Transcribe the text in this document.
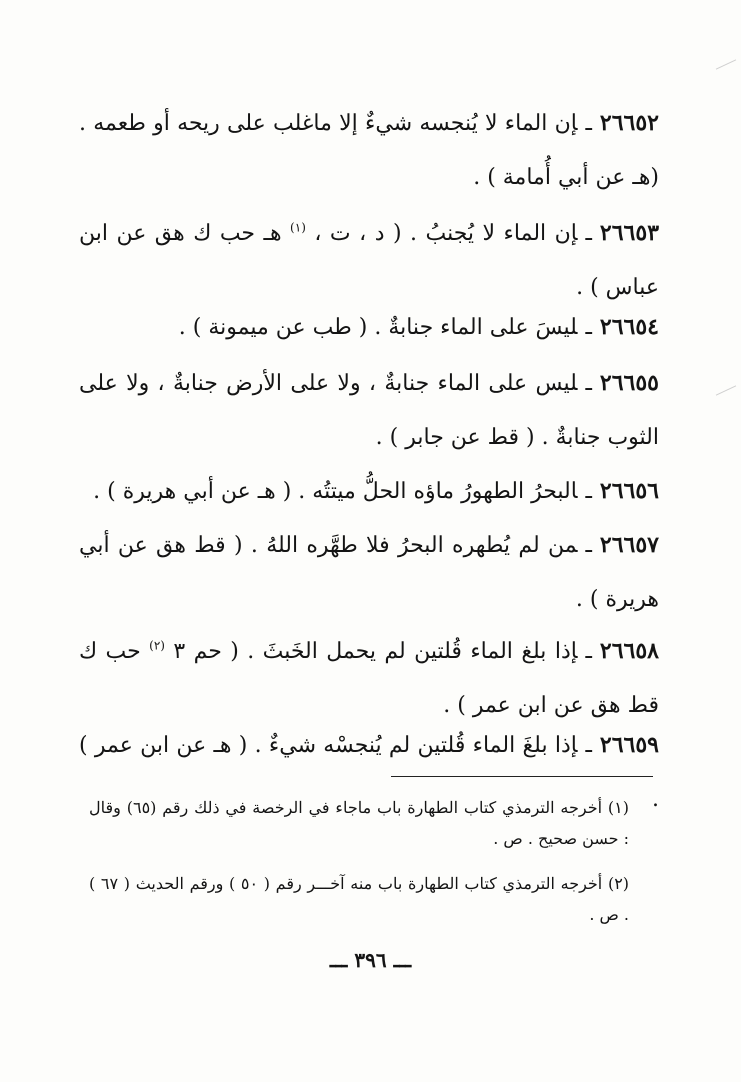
٢٦٦٥٢ـإن الماء لا يُنجسه شيءٌ إلا ماغلب على ريحه أو طعمه . (هـ عن أبي أُمامة ) .
٢٦٦٥٣ـإن الماء لا يُجنبُ . ( د ، ت ، $^{(١)}$ هـ حب ك هق عن ابن عباس ) .
٢٦٦٥٤ـليسَ على الماء جنابةٌ . ( طب عن ميمونة ) .
٢٦٦٥٥ـليس على الماء جنابةٌ ، ولا على الأرض جنابةٌ ، ولا على الثوب جنابةٌ . ( قط عن جابر ) .
٢٦٦٥٦ـالبحرُ الطهورُ ماؤه الحلُّ ميتتُه . ( هـ عن أبي هريرة ) .
٢٦٦٥٧ـمن لم يُطهره البحرُ فلا طهَّره اللهُ . ( قط هق عن أبي هريرة ) .
٢٦٦٥٨ـإذا بلغ الماء قُلتين لم يحمل الخَبثَ . ( حم ٣ $^{(٢)}$ حب ك قط هق عن ابن عمر ) .
٢٦٦٥٩ـإذا بلغَ الماء قُلتين لم يُنجسْه شيءٌ . ( هـ عن ابن عمر ) .
(١) أخرجه الترمذي كتاب الطهارة باب ماجاء في الرخصة في ذلك رقم (٦٥) وقال : حسن صحيح . ص .
(٢) أخرجه الترمذي كتاب الطهارة باب منه آخـــر رقم ( ٥٠ ) ورقم الحديث ( ٦٧ ) . ص .
ـــ ٣٩٦ ـــ
